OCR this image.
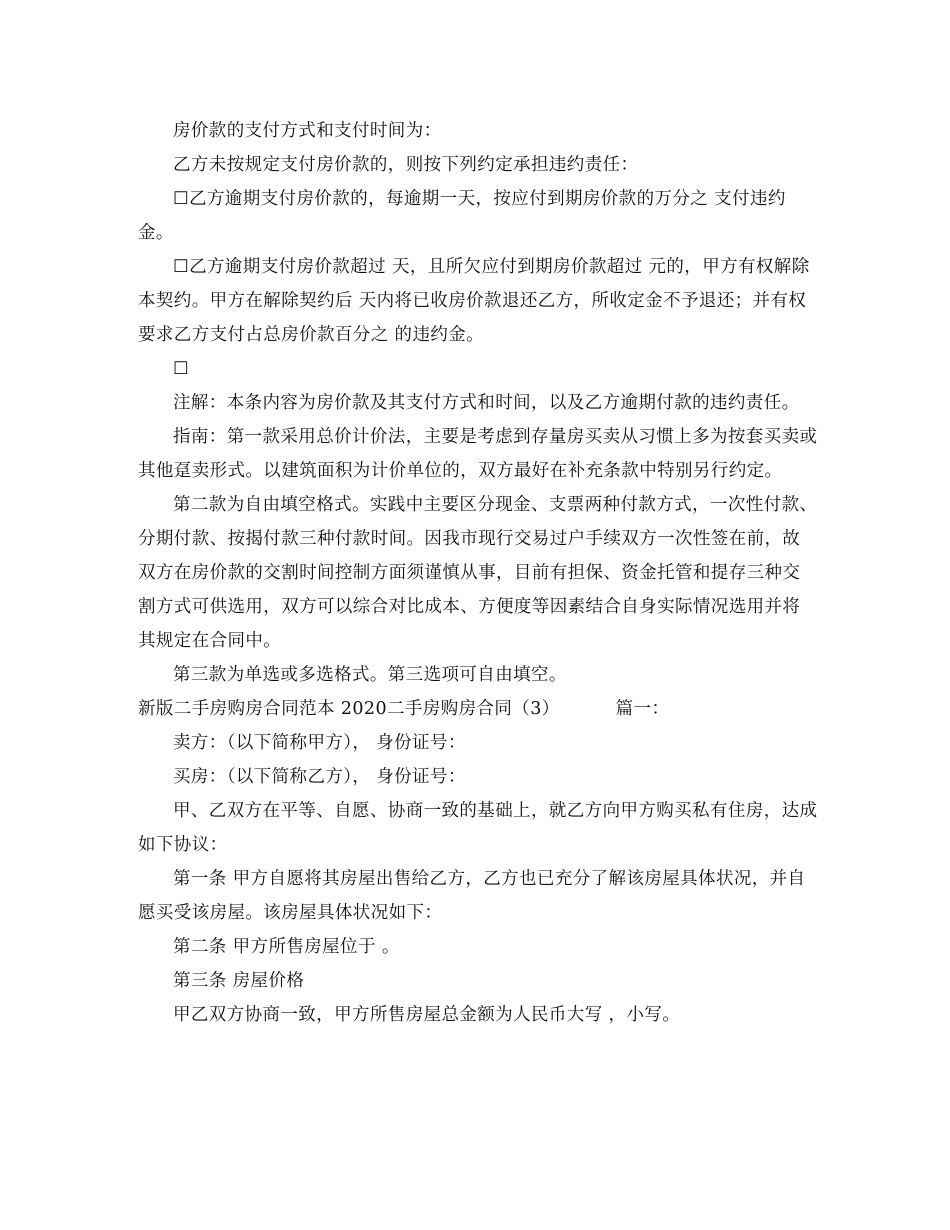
房价款的支付方式和支付时间为：

乙方未按规定支付房价款的，则按下列约定承担违约责任：

☐乙方逾期支付房价款的，每逾期一天，按应付到期房价款的万分之 支付违约金。

☐乙方逾期支付房价款超过 天，且所欠应付到期房价款超过 元的，甲方有权解除本契约。甲方在解除契约后 天内将已收房价款退还乙方，所收定金不予退还；并有权要求乙方支付占总房价款百分之 的违约金。

☐

注解：本条内容为房价款及其支付方式和时间，以及乙方逾期付款的违约责任。

指南：第一款采用总价计价法，主要是考虑到存量房买卖从习惯上多为按套买卖或其他趸卖形式。以建筑面积为计价单位的，双方最好在补充条款中特别另行约定。

第二款为自由填空格式。实践中主要区分现金、支票两种付款方式，一次性付款、分期付款、按揭付款三种付款时间。因我市现行交易过户手续双方一次性签在前，故双方在房价款的交割时间控制方面须谨慎从事，目前有担保、资金托管和提存三种交割方式可供选用，双方可以综合对比成本、方便度等因素结合自身实际情况选用并将其规定在合同中。

第三款为单选或多选格式。第三选项可自由填空。

新版二手房购房合同范本 2020二手房购房合同（3）	篇一：

卖方：（以下简称甲方）， 身份证号：

买房：（以下简称乙方）， 身份证号：

甲、乙双方在平等、自愿、协商一致的基础上，就乙方向甲方购买私有住房，达成如下协议：

第一条 甲方自愿将其房屋出售给乙方，乙方也已充分了解该房屋具体状况，并自愿买受该房屋。该房屋具体状况如下：

第二条 甲方所售房屋位于 。

第三条 房屋价格

甲乙双方协商一致，甲方所售房屋总金额为人民币大写 ，小写。
